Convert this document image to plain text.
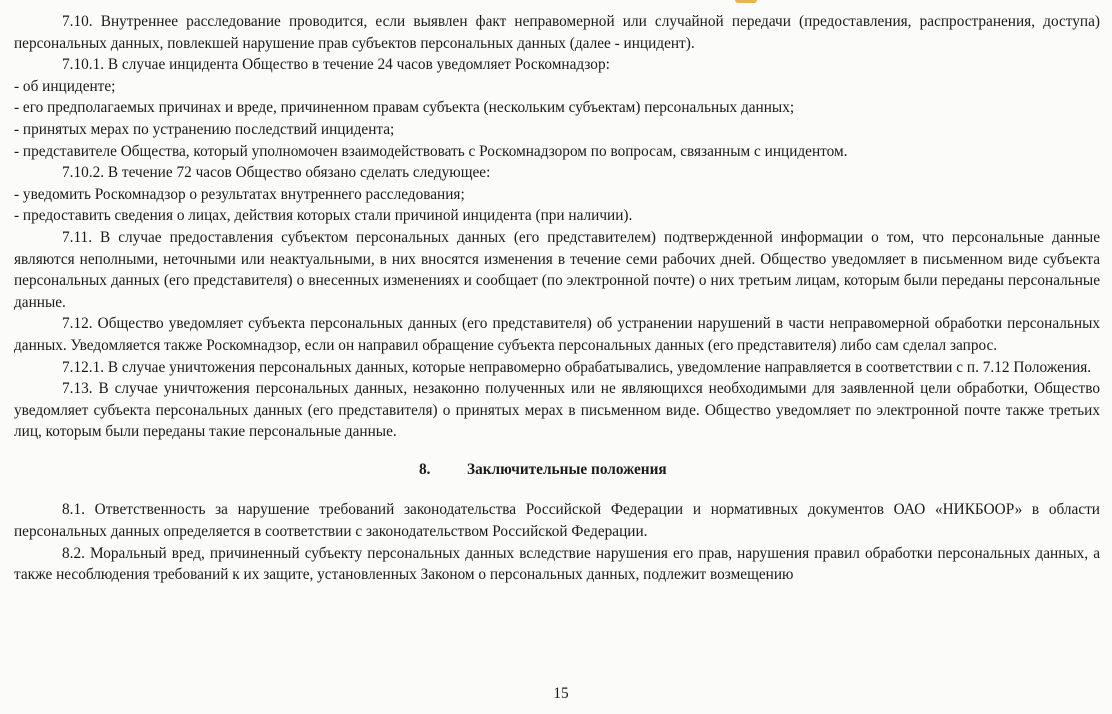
7.10. Внутреннее расследование проводится, если выявлен факт неправомерной или случайной передачи (предоставления, распространения, доступа) персональных данных, повлекшей нарушение прав субъектов персональных данных (далее - инцидент).

7.10.1. В случае инцидента Общество в течение 24 часов уведомляет Роскомнадзор:

- об инциденте;

- его предполагаемых причинах и вреде, причиненном правам субъекта (нескольким субъектам) персональных данных;

- принятых мерах по устранению последствий инцидента;

- представителе Общества, который уполномочен взаимодействовать с Роскомнадзором по вопросам, связанным с инцидентом.

7.10.2. В течение 72 часов Общество обязано сделать следующее:

- уведомить Роскомнадзор о результатах внутреннего расследования;

- предоставить сведения о лицах, действия которых стали причиной инцидента (при наличии).

7.11. В случае предоставления субъектом персональных данных (его представителем) подтвержденной информации о том, что персональные данные являются неполными, неточными или неактуальными, в них вносятся изменения в течение семи рабочих дней. Общество уведомляет в письменном виде субъекта персональных данных (его представителя) о внесенных изменениях и сообщает (по электронной почте) о них третьим лицам, которым были переданы персональные данные.

7.12. Общество уведомляет субъекта персональных данных (его представителя) об устранении нарушений в части неправомерной обработки персональных данных. Уведомляется также Роскомнадзор, если он направил обращение субъекта персональных данных (его представителя) либо сам сделал запрос.

7.12.1. В случае уничтожения персональных данных, которые неправомерно обрабатывались, уведомление направляется в соответствии с п. 7.12 Положения.

7.13. В случае уничтожения персональных данных, незаконно полученных или не являющихся необходимыми для заявленной цели обработки, Общество уведомляет субъекта персональных данных (его представителя) о принятых мерах в письменном виде. Общество уведомляет по электронной почте также третьих лиц, которым были переданы такие персональные данные.

8. Заключительные положения

8.1. Ответственность за нарушение требований законодательства Российской Федерации и нормативных документов ОАО «НИКБООР» в области персональных данных определяется в соответствии с законодательством Российской Федерации.

8.2. Моральный вред, причиненный субъекту персональных данных вследствие нарушения его прав, нарушения правил обработки персональных данных, а также несоблюдения требований к их защите, установленных Законом о персональных данных, подлежит возмещению

15
